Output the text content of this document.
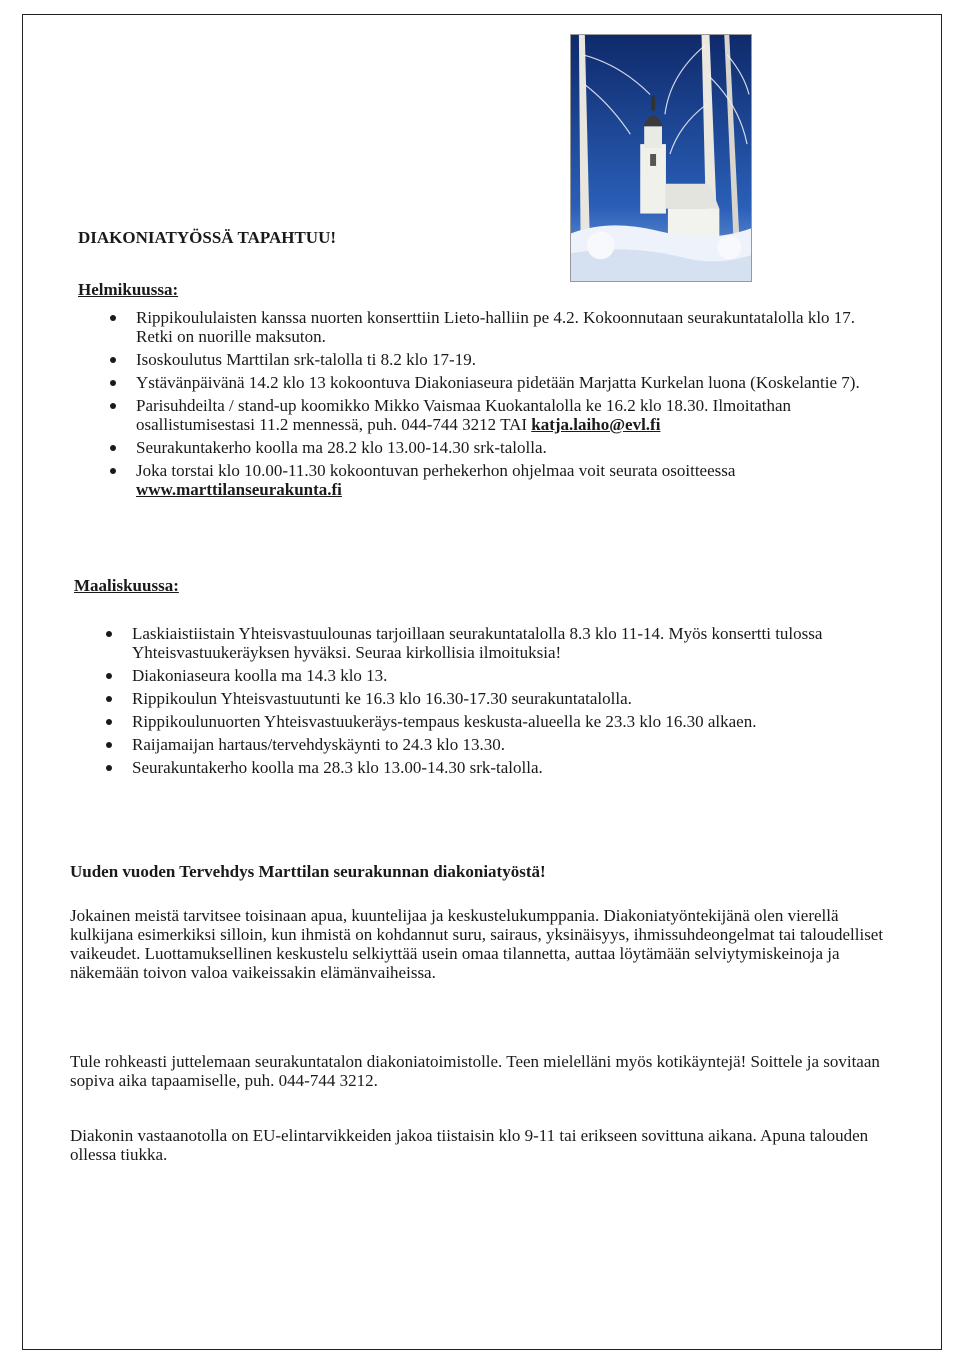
DIAKONIATYÖSSÄ TAPAHTUU!
Helmikuussa:
Rippikoululaisten kanssa nuorten konserttiin Lieto-halliin pe 4.2. Kokoonnutaan seurakuntatalolla klo 17. Retki on nuorille maksuton.
Isoskoulutus Marttilan srk-talolla ti 8.2 klo 17-19.
Ystävänpäivänä 14.2 klo 13 kokoontuva Diakoniaseura pidetään Marjatta Kurkelan luona (Koskelantie 7).
Parisuhdeilta / stand-up koomikko Mikko Vaismaa Kuokantalolla ke 16.2 klo 18.30. Ilmoitathan osallistumisestasi 11.2 mennessä, puh. 044-744 3212 TAI katja.laiho@evl.fi
Seurakuntakerho koolla ma 28.2 klo 13.00-14.30 srk-talolla.
Joka torstai klo 10.00-11.30 kokoontuvan perhekerhon ohjelmaa voit seurata osoitteessa www.marttilanseurakunta.fi
Maaliskuussa:
Laskiaistiistain Yhteisvastuulounas tarjoillaan seurakuntatalolla 8.3 klo 11-14. Myös konsertti tulossa Yhteisvastuukeräyksen hyväksi. Seuraa kirkollisia ilmoituksia!
Diakoniaseura koolla ma 14.3 klo 13.
Rippikoulun Yhteisvastuutunti ke 16.3 klo 16.30-17.30 seurakuntatalolla.
Rippikoulunuorten Yhteisvastuukeräys-tempaus keskusta-alueella ke 23.3 klo 16.30 alkaen.
Raijamaijan hartaus/tervehdyskäynti to 24.3 klo 13.30.
Seurakuntakerho koolla ma 28.3 klo 13.00-14.30 srk-talolla.
Uuden vuoden Tervehdys Marttilan seurakunnan diakoniatyöstä!

Jokainen meistä tarvitsee toisinaan apua, kuuntelijaa ja keskustelukumppania. Diakoniatyöntekijänä olen vierellä kulkijana esimerkiksi silloin, kun ihmistä on kohdannut suru, sairaus, yksinäisyys, ihmissuhdeongelmat tai taloudelliset vaikeudet. Luottamuksellinen keskustelu selkiyttää usein omaa tilannetta, auttaa löytämään selviytymiskeinoja ja näkemään toivon valoa vaikeissakin elämänvaiheissa.

Tule rohkeasti juttelemaan seurakuntatalon diakoniatoimistolle. Teen mielelläni myös kotikäyntejä! Soittele ja sovitaan sopiva aika tapaamiselle, puh. 044-744 3212.

Diakonin vastaanotolla on EU-elintarvikkeiden jakoa tiistaisin klo 9-11 tai erikseen sovittuna aikana. Apuna talouden ollessa tiukka.
